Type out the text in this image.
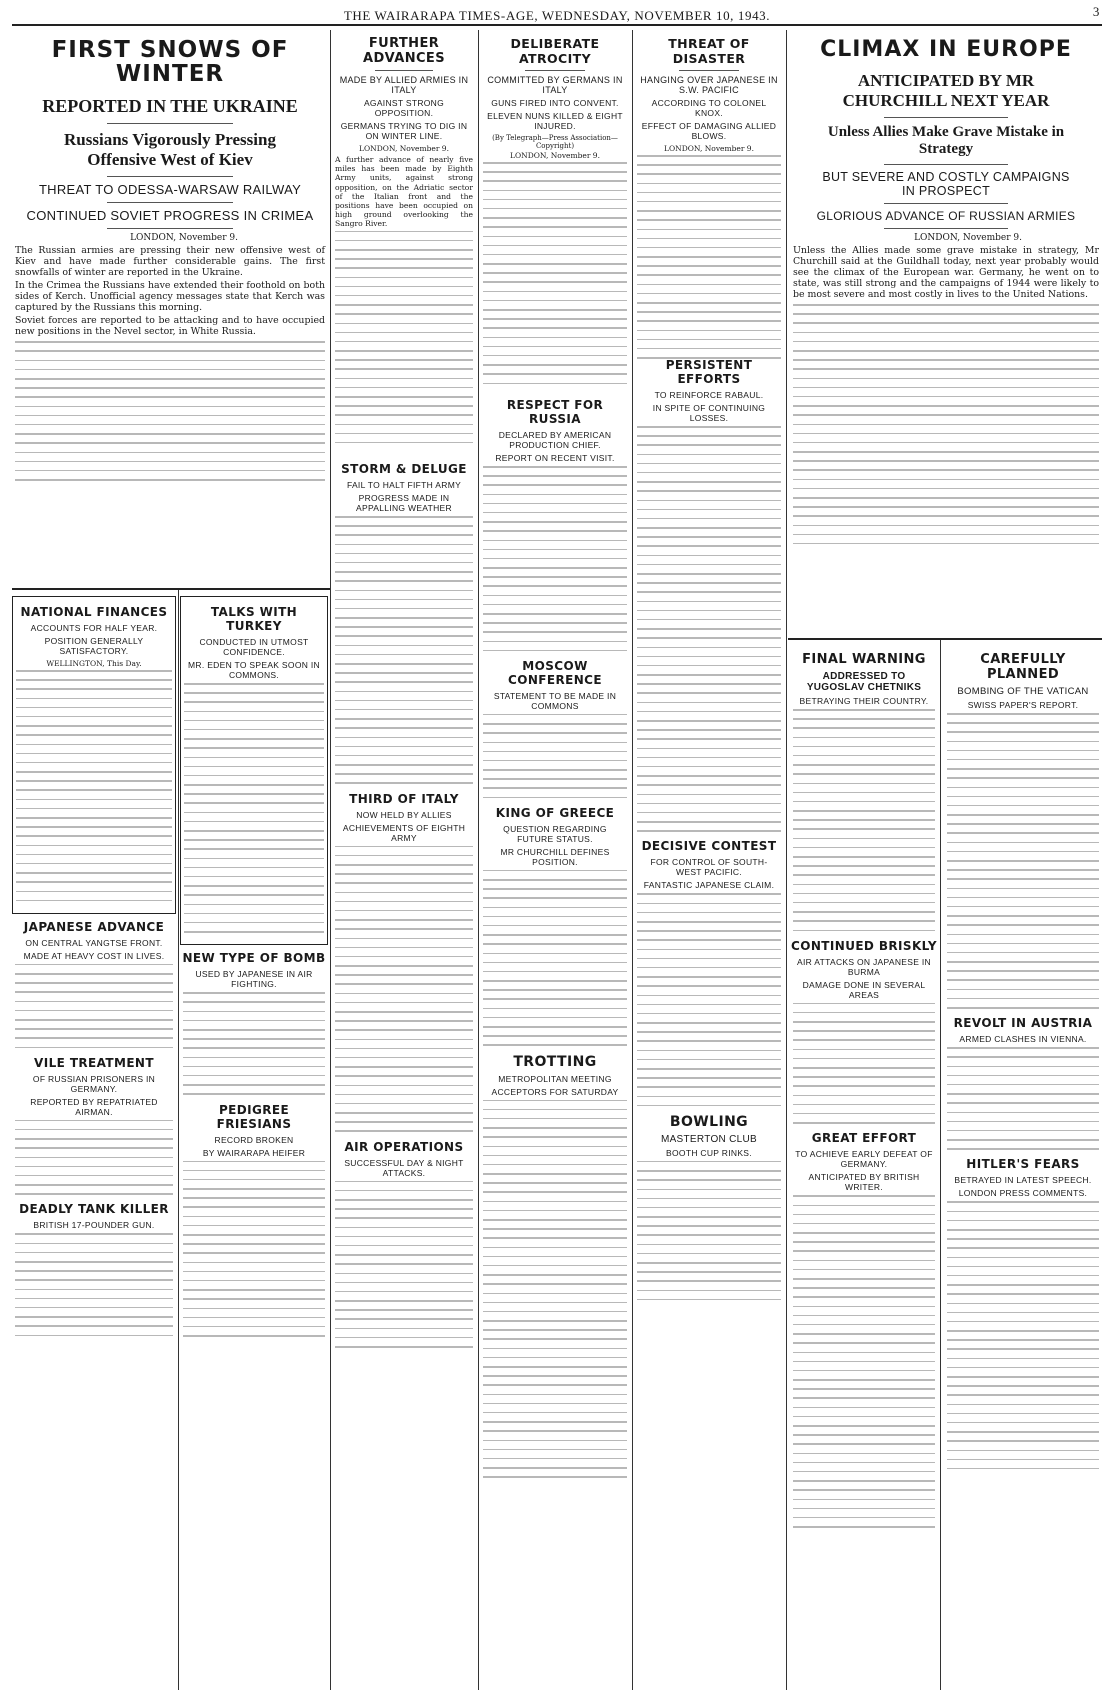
THE WAIRARAPA TIMES-AGE, WEDNESDAY, NOVEMBER 10, 1943.	3
FIRST SNOWS OF WINTER
REPORTED IN THE UKRAINE
Russians Vigorously Pressing Offensive West of Kiev
THREAT TO ODESSA-WARSAW RAILWAY
CONTINUED SOVIET PROGRESS IN CRIMEA
LONDON, November 9.

The Russian armies are pressing their new offensive west of Kiev and have made further considerable gains. The first snowfalls of winter are reported in the Ukraine.

In the Crimea the Russians have extended their foothold on both sides of Kerch. Unofficial agency messages state that Kerch was captured by the Russians this morning.

Soviet forces are reported to be attacking and to have occupied new positions in the Nevel sector, in White Russia.

FURTHER ADVANCES
MADE BY ALLIED ARMIES IN ITALY
AGAINST STRONG OPPOSITION.
GERMANS TRYING TO DIG IN ON WINTER LINE.
LONDON, November 9.

A further advance of nearly five miles has been made by Eighth Army units, against strong opposition, on the Adriatic sector of the Italian front and the positions have been occupied on high ground overlooking the Sangro River.

DELIBERATE ATROCITY
COMMITTED BY GERMANS IN ITALY
GUNS FIRED INTO CONVENT.
ELEVEN NUNS KILLED & EIGHT INJURED.
(By Telegraph—Press Association—Copyright)
LONDON, November 9.
THREAT OF DISASTER
HANGING OVER JAPANESE IN S.W. PACIFIC
ACCORDING TO COLONEL KNOX.
EFFECT OF DAMAGING ALLIED BLOWS.
LONDON, November 9.
CLIMAX IN EUROPE
ANTICIPATED BY MR CHURCHILL NEXT YEAR
Unless Allies Make Grave Mistake in Strategy
BUT SEVERE AND COSTLY CAMPAIGNS IN PROSPECT
GLORIOUS ADVANCE OF RUSSIAN ARMIES
LONDON, November 9.

Unless the Allies made some grave mistake in strategy, Mr Churchill said at the Guildhall today, next year probably would see the climax of the European war. Germany, he went on to state, was still strong and the campaigns of 1944 were likely to be most severe and most costly in lives to the United Nations.

NATIONAL FINANCES
ACCOUNTS FOR HALF YEAR.
POSITION GENERALLY SATISFACTORY.
WELLINGTON, This Day.
JAPANESE ADVANCE
ON CENTRAL YANGTSE FRONT.
MADE AT HEAVY COST IN LIVES.
VILE TREATMENT
OF RUSSIAN PRISONERS IN GERMANY.
REPORTED BY REPATRIATED AIRMAN.
DEADLY TANK KILLER
BRITISH 17-POUNDER GUN.
TALKS WITH TURKEY
CONDUCTED IN UTMOST CONFIDENCE.
MR. EDEN TO SPEAK SOON IN COMMONS.
NEW TYPE OF BOMB
USED BY JAPANESE IN AIR FIGHTING.
PEDIGREE FRIESIANS
RECORD BROKEN
BY WAIRARAPA HEIFER
STORM & DELUGE
FAIL TO HALT FIFTH ARMY
PROGRESS MADE IN APPALLING WEATHER
THIRD OF ITALY
NOW HELD BY ALLIES
ACHIEVEMENTS OF EIGHTH ARMY
AIR OPERATIONS
SUCCESSFUL DAY & NIGHT ATTACKS.
RESPECT FOR RUSSIA
DECLARED BY AMERICAN PRODUCTION CHIEF.
REPORT ON RECENT VISIT.
MOSCOW CONFERENCE
STATEMENT TO BE MADE IN COMMONS
KING OF GREECE
QUESTION REGARDING FUTURE STATUS.
MR CHURCHILL DEFINES POSITION.
TROTTING
METROPOLITAN MEETING
ACCEPTORS FOR SATURDAY
PERSISTENT EFFORTS
TO REINFORCE RABAUL.
IN SPITE OF CONTINUING LOSSES.
DECISIVE CONTEST
FOR CONTROL OF SOUTH-WEST PACIFIC.
FANTASTIC JAPANESE CLAIM.
BOWLING
MASTERTON CLUB
BOOTH CUP RINKS.
FINAL WARNING
ADDRESSED TO YUGOSLAV CHETNIKS
BETRAYING THEIR COUNTRY.
CONTINUED BRISKLY
AIR ATTACKS ON JAPANESE IN BURMA
DAMAGE DONE IN SEVERAL AREAS
GREAT EFFORT
TO ACHIEVE EARLY DEFEAT OF GERMANY.
ANTICIPATED BY BRITISH WRITER.
CAREFULLY PLANNED
BOMBING OF THE VATICAN
SWISS PAPER'S REPORT.
REVOLT IN AUSTRIA
ARMED CLASHES IN VIENNA.
HITLER'S FEARS
BETRAYED IN LATEST SPEECH.
LONDON PRESS COMMENTS.
